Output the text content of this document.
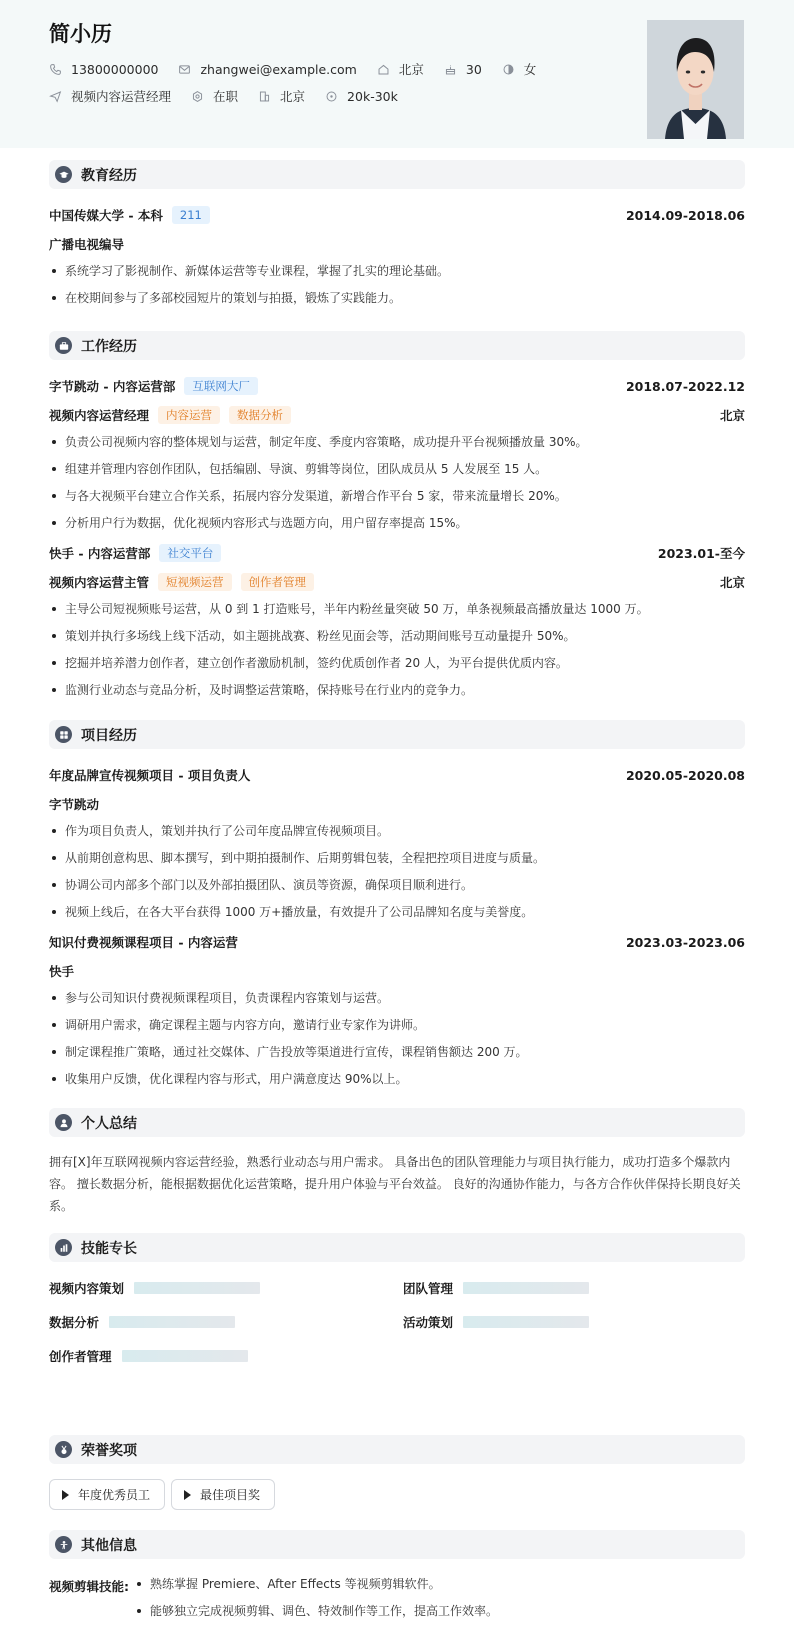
简小历
13800000000	zhangwei@example.com	北京	30	女
视频内容运营经理	在职	北京	20k-30k
教育经历
中国传媒大学 - 本科	211	2014.09-2018.06
广播电视编导
系统学习了影视制作、新媒体运营等专业课程，掌握了扎实的理论基础。
在校期间参与了多部校园短片的策划与拍摄，锻炼了实践能力。
工作经历
字节跳动 - 内容运营部	互联网大厂	2018.07-2022.12
视频内容运营经理	内容运营	数据分析	北京
负责公司视频内容的整体规划与运营，制定年度、季度内容策略，成功提升平台视频播放量 30%。
组建并管理内容创作团队，包括编剧、导演、剪辑等岗位，团队成员从 5 人发展至 15 人。
与各大视频平台建立合作关系，拓展内容分发渠道，新增合作平台 5 家，带来流量增长 20%。
分析用户行为数据，优化视频内容形式与选题方向，用户留存率提高 15%。
快手 - 内容运营部	社交平台	2023.01-至今
视频内容运营主管	短视频运营	创作者管理	北京
主导公司短视频账号运营，从 0 到 1 打造账号，半年内粉丝量突破 50 万，单条视频最高播放量达 1000 万。
策划并执行多场线上线下活动，如主题挑战赛、粉丝见面会等，活动期间账号互动量提升 50%。
挖掘并培养潜力创作者，建立创作者激励机制，签约优质创作者 20 人，为平台提供优质内容。
监测行业动态与竞品分析，及时调整运营策略，保持账号在行业内的竞争力。
项目经历
年度品牌宣传视频项目 - 项目负责人	2020.05-2020.08
字节跳动
作为项目负责人，策划并执行了公司年度品牌宣传视频项目。
从前期创意构思、脚本撰写，到中期拍摄制作、后期剪辑包装，全程把控项目进度与质量。
协调公司内部多个部门以及外部拍摄团队、演员等资源，确保项目顺利进行。
视频上线后，在各大平台获得 1000 万+播放量，有效提升了公司品牌知名度与美誉度。
知识付费视频课程项目 - 内容运营	2023.03-2023.06
快手
参与公司知识付费视频课程项目，负责课程内容策划与运营。
调研用户需求，确定课程主题与内容方向，邀请行业专家作为讲师。
制定课程推广策略，通过社交媒体、广告投放等渠道进行宣传，课程销售额达 200 万。
收集用户反馈，优化课程内容与形式，用户满意度达 90%以上。
个人总结
拥有[X]年互联网视频内容运营经验，熟悉行业动态与用户需求。 具备出色的团队管理能力与项目执行能力，成功打造多个爆款内
容。 擅长数据分析，能根据数据优化运营策略，提升用户体验与平台效益。 良好的沟通协作能力，与各方合作伙伴保持长期良好关
系。
技能专长
视频内容策划	团队管理
数据分析	活动策划
创作者管理
荣誉奖项
年度优秀员工	最佳项目奖
其他信息
视频剪辑技能:	熟练掌握 Premiere、After Effects 等视频剪辑软件。
能够独立完成视频剪辑、调色、特效制作等工作，提高工作效率。
